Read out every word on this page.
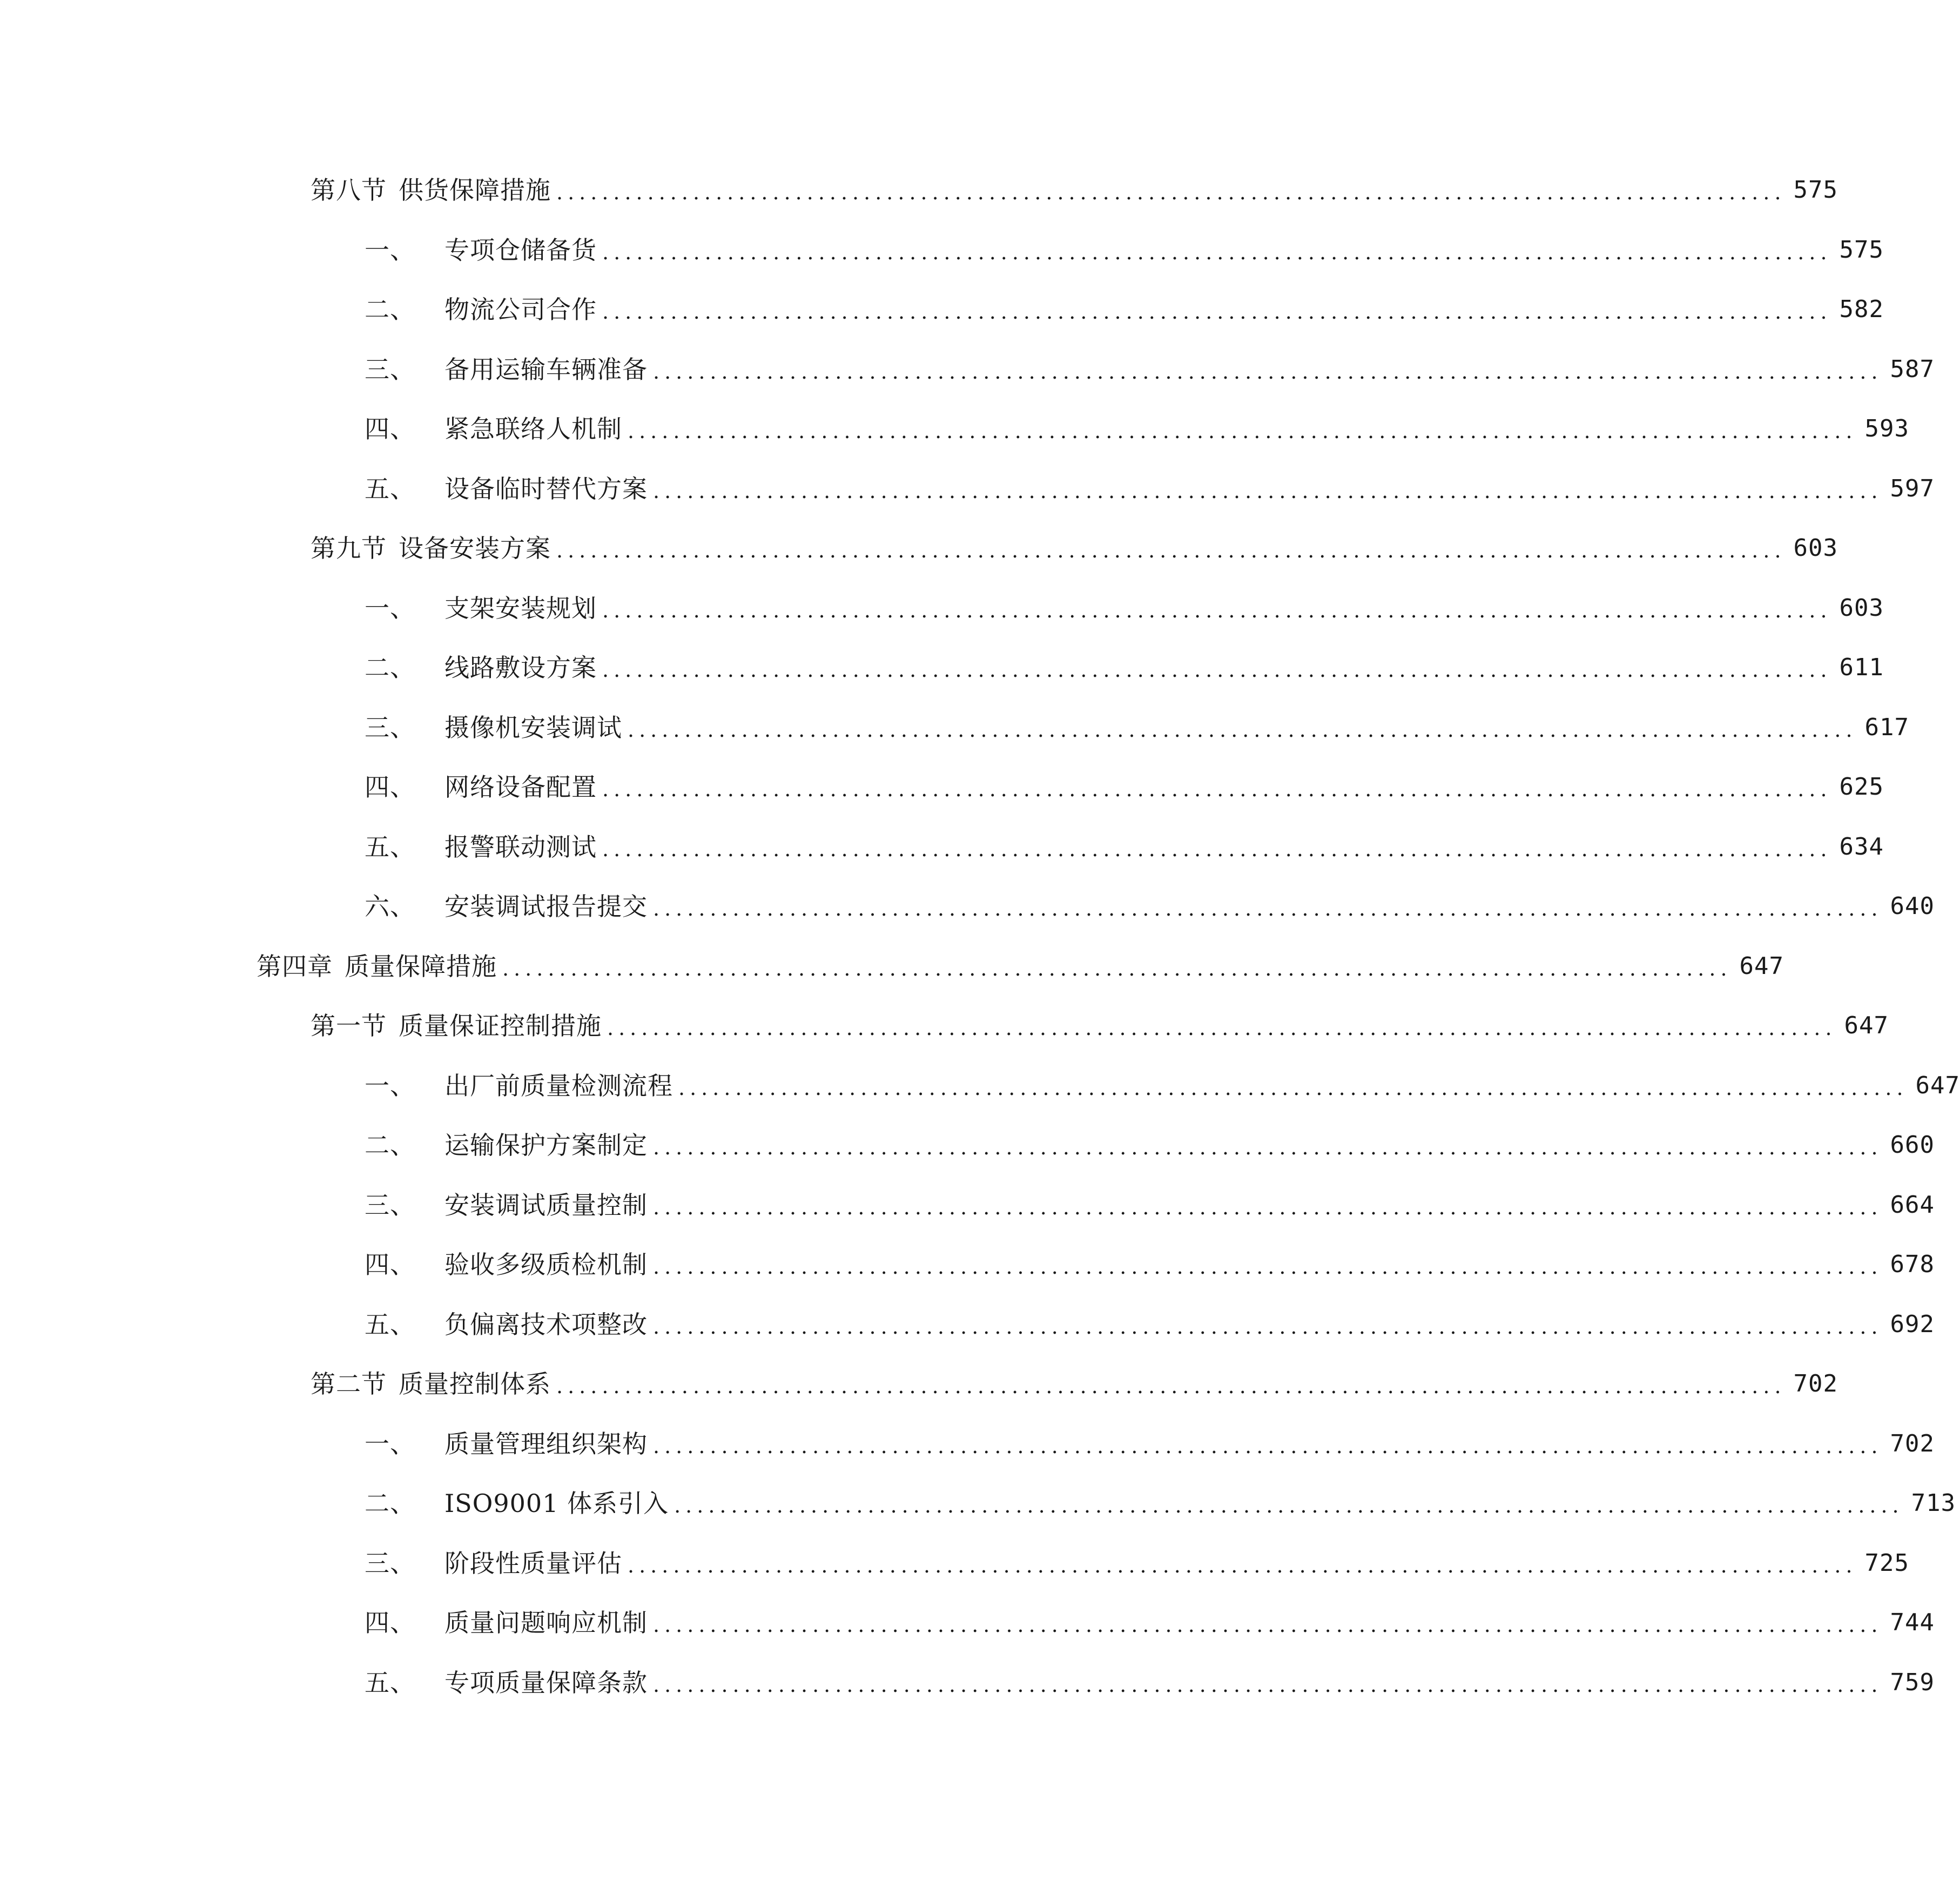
第八节 供货保障措施 ............................................................................................................ 575
一、 专项仓储备货 ............................................................................................................ 575
二、 物流公司合作 ............................................................................................................ 582
三、 备用运输车辆准备 ............................................................................................................ 587
四、 紧急联络人机制 ............................................................................................................ 593
五、 设备临时替代方案 ............................................................................................................ 597
第九节 设备安装方案 ............................................................................................................ 603
一、 支架安装规划 ............................................................................................................ 603
二、 线路敷设方案 ............................................................................................................ 611
三、 摄像机安装调试 ............................................................................................................ 617
四、 网络设备配置 ............................................................................................................ 625
五、 报警联动测试 ............................................................................................................ 634
六、 安装调试报告提交 ............................................................................................................ 640
第四章 质量保障措施 ............................................................................................................ 647
第一节 质量保证控制措施 ............................................................................................................ 647
一、 出厂前质量检测流程 ............................................................................................................ 647
二、 运输保护方案制定 ............................................................................................................ 660
三、 安装调试质量控制 ............................................................................................................ 664
四、 验收多级质检机制 ............................................................................................................ 678
五、 负偏离技术项整改 ............................................................................................................ 692
第二节 质量控制体系 ............................................................................................................ 702
一、 质量管理组织架构 ............................................................................................................ 702
二、 ISO9001 体系引入 ............................................................................................................ 713
三、 阶段性质量评估 ............................................................................................................ 725
四、 质量问题响应机制 ............................................................................................................ 744
五、 专项质量保障条款 ............................................................................................................ 759
